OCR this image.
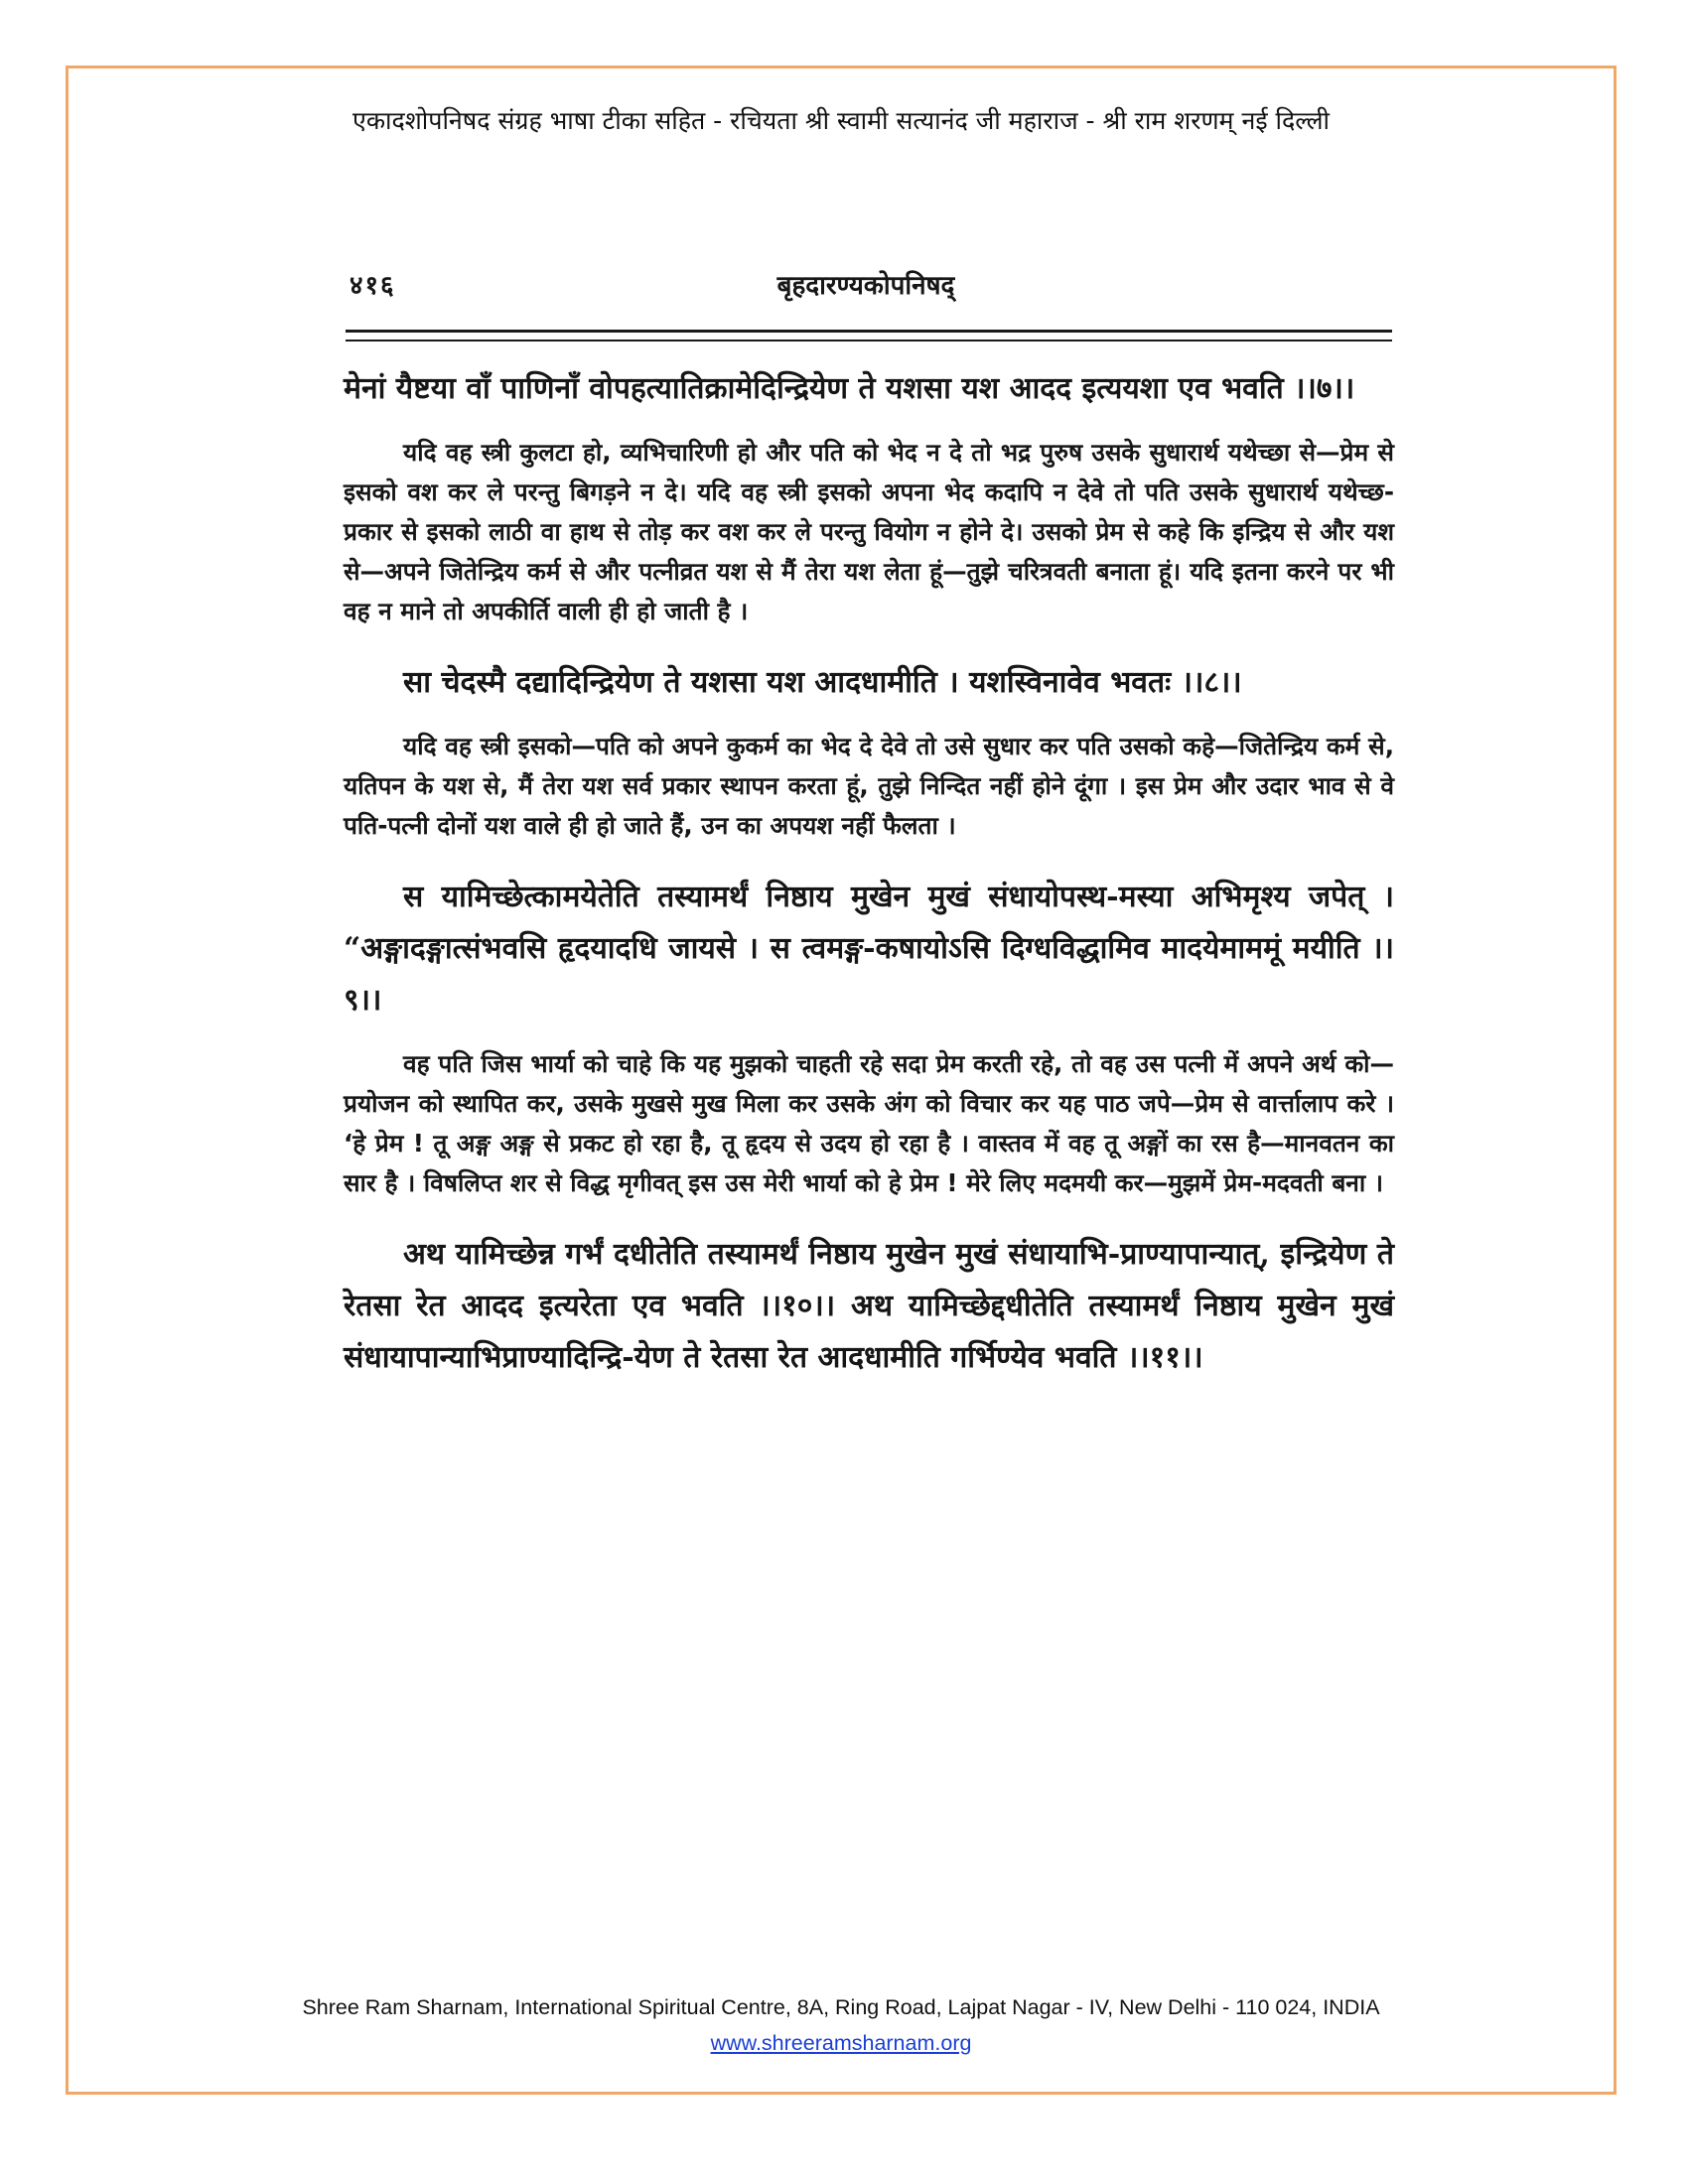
एकादशोपनिषद संग्रह भाषा टीका सहित - रचियता श्री स्वामी सत्यानंद जी महाराज - श्री राम शरणम् नई दिल्ली
४१६	बृहदारण्यकोपनिषद्

मेनां यैष्टया वाँ पाणिनाँ वोपहत्यातिक्रामेदिन्द्रियेण ते यशसा यश आदद इत्ययशा एव भवति ।।७।।

यदि वह स्त्री कुलटा हो, व्यभिचारिणी हो और पति को भेद न दे तो भद्र पुरुष उसके सुधारार्थ यथेच्छा से—प्रेम से इसको वश कर ले परन्तु बिगड़ने न दे। यदि वह स्त्री इसको अपना भेद कदापि न देवे तो पति उसके सुधारार्थ यथेच्छ-प्रकार से इसको लाठी वा हाथ से तोड़ कर वश कर ले परन्तु वियोग न होने दे। उसको प्रेम से कहे कि इन्द्रिय से और यश से—अपने जितेन्द्रिय कर्म से और पत्नीव्रत यश से मैं तेरा यश लेता हूं—तुझे चरित्रवती बनाता हूं। यदि इतना करने पर भी वह न माने तो अपकीर्ति वाली ही हो जाती है ।

सा चेदस्मै दद्यादिन्द्रियेण ते यशसा यश आदधामीति । यशस्विनावेव भवतः ।।८।।

यदि वह स्त्री इसको—पति को अपने कुकर्म का भेद दे देवे तो उसे सुधार कर पति उसको कहे—जितेन्द्रिय कर्म से, यतिपन के यश से, मैं तेरा यश सर्व प्रकार स्थापन करता हूं, तुझे निन्दित नहीं होने दूंगा । इस प्रेम और उदार भाव से वे पति-पत्नी दोनों यश वाले ही हो जाते हैं, उन का अपयश नहीं फैलता ।

स यामिच्छेत्कामयेतेति तस्यामर्थं निष्ठाय मुखेन मुखं संधायोपस्थ-मस्या अभिमृश्य जपेत् । “अङ्गादङ्गात्संभवसि हृदयादधि जायसे । स त्वमङ्ग-कषायोऽसि दिग्धविद्धामिव मादयेमाममूं मयीति ।।९।।

वह पति जिस भार्या को चाहे कि यह मुझको चाहती रहे सदा प्रेम करती रहे, तो वह उस पत्नी में अपने अर्थ को—प्रयोजन को स्थापित कर, उसके मुखसे मुख मिला कर उसके अंग को विचार कर यह पाठ जपे—प्रेम से वार्त्तालाप करे । ‘हे प्रेम ! तू अङ्ग अङ्ग से प्रकट हो रहा है, तू हृदय से उदय हो रहा है । वास्तव में वह तू अङ्गों का रस है—मानवतन का सार है । विषलिप्त शर से विद्ध मृगीवत् इस उस मेरी भार्या को हे प्रेम ! मेरे लिए मदमयी कर—मुझमें प्रेम-मदवती बना ।

अथ यामिच्छेन्न गर्भं दधीतेति तस्यामर्थं निष्ठाय मुखेन मुखं संधायाभि-प्राण्यापान्यात्, इन्द्रियेण ते रेतसा रेत आदद इत्यरेता एव भवति ।।१०।। अथ यामिच्छेद्दधीतेति तस्यामर्थं निष्ठाय मुखेन मुखं संधायापान्याभिप्राण्यादिन्द्रि-येण ते रेतसा रेत आदधामीति गर्भिण्येव भवति ।।११।।

Shree Ram Sharnam, International Spiritual Centre, 8A, Ring Road, Lajpat Nagar - IV, New Delhi - 110 024, INDIA
www.shreeramsharnam.org
